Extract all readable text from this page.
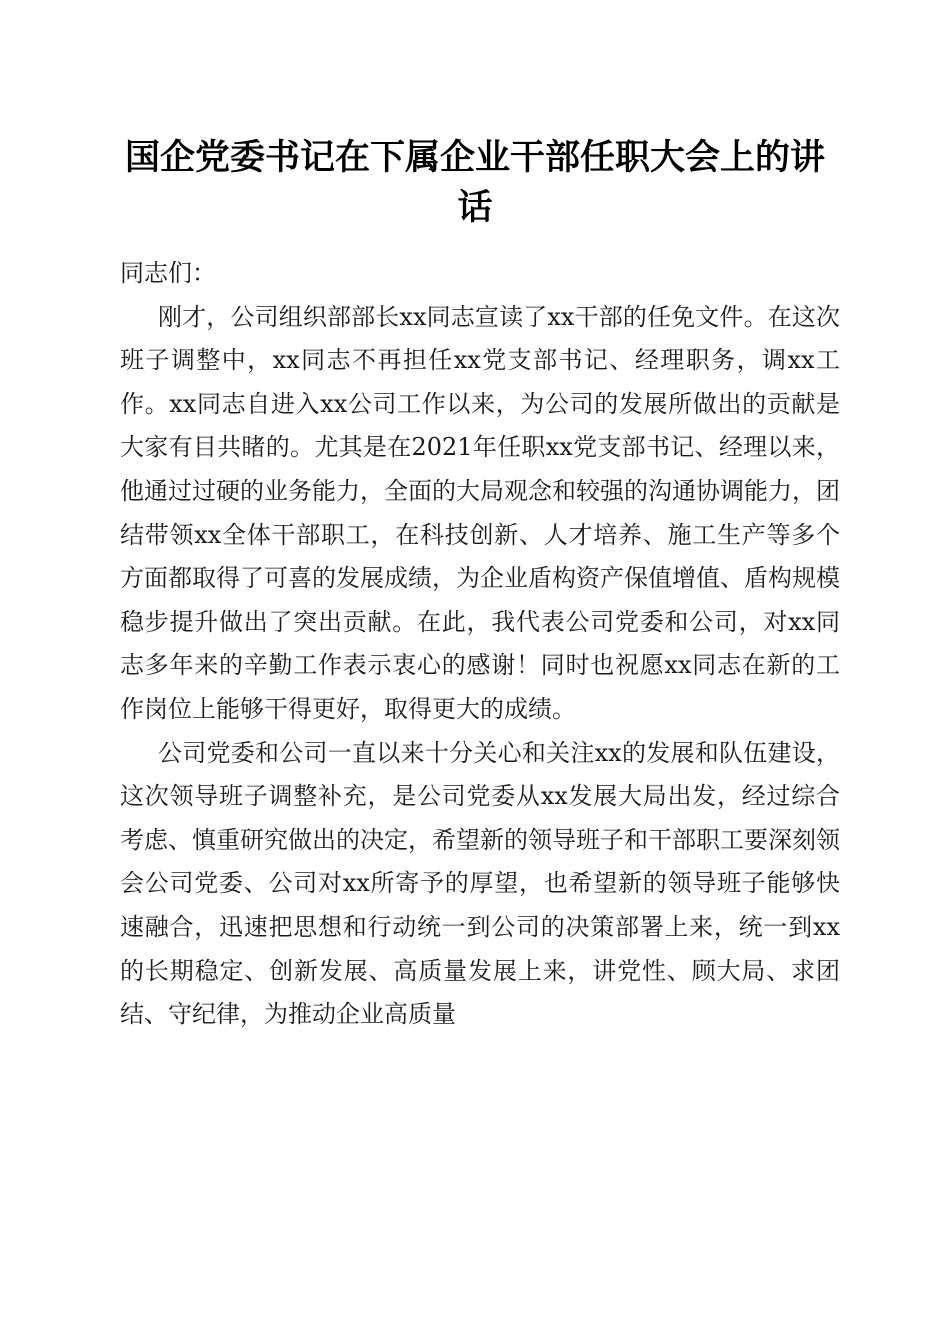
国企党委书记在下属企业干部任职大会上的讲话

同志们：

刚才，公司组织部部长xx同志宣读了xx干部的任免文件。在这次班子调整中，xx同志不再担任xx党支部书记、经理职务，调xx工作。xx同志自进入xx公司工作以来，为公司的发展所做出的贡献是大家有目共睹的。尤其是在2021年任职xx党支部书记、经理以来，他通过过硬的业务能力，全面的大局观念和较强的沟通协调能力，团结带领xx全体干部职工，在科技创新、人才培养、施工生产等多个方面都取得了可喜的发展成绩，为企业盾构资产保值增值、盾构规模稳步提升做出了突出贡献。在此，我代表公司党委和公司，对xx同志多年来的辛勤工作表示衷心的感谢！同时也祝愿xx同志在新的工作岗位上能够干得更好，取得更大的成绩。

公司党委和公司一直以来十分关心和关注xx的发展和队伍建设，这次领导班子调整补充，是公司党委从xx发展大局出发，经过综合考虑、慎重研究做出的决定，希望新的领导班子和干部职工要深刻领会公司党委、公司对xx所寄予的厚望，也希望新的领导班子能够快速融合，迅速把思想和行动统一到公司的决策部署上来，统一到xx的长期稳定、创新发展、高质量发展上来，讲党性、顾大局、求团结、守纪律，为推动企业高质量
